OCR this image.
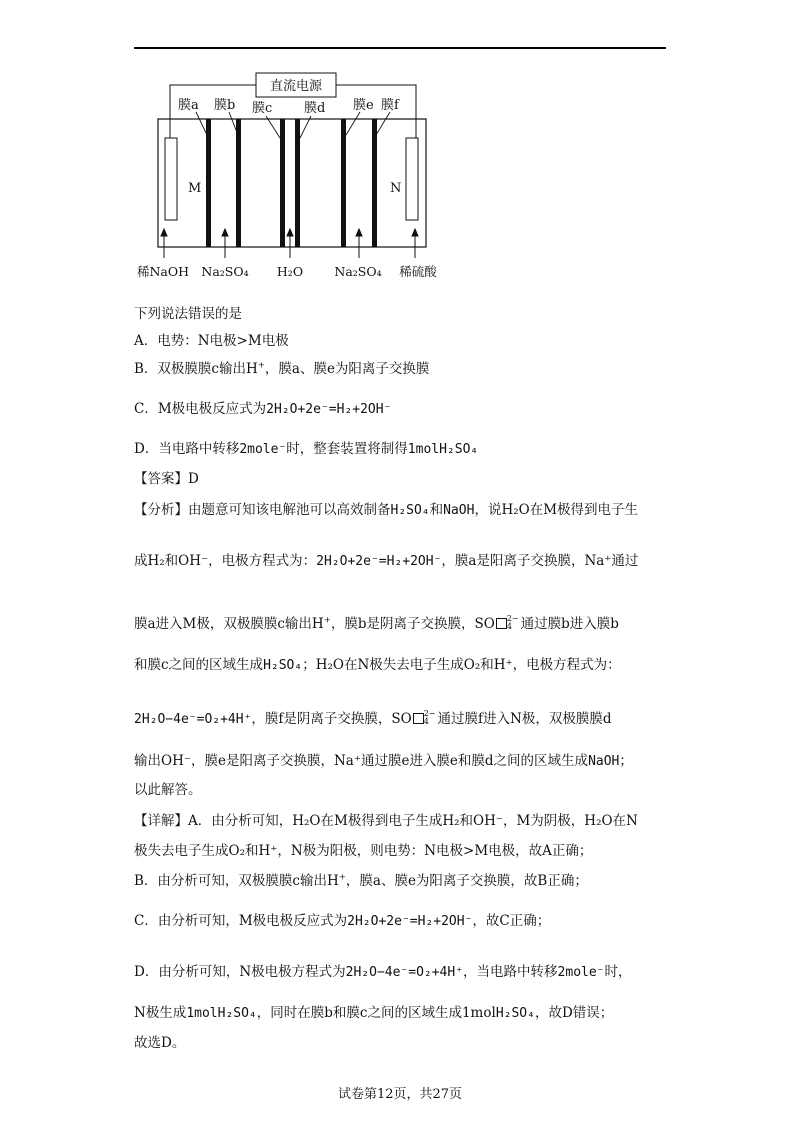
直流电源
M	N
膜a 膜b 膜c 膜d 膜e 膜f
稀NaOH Na₂SO₄ H₂O	Na₂SO₄ 稀硫酸
下列说法错误的是
A．电势：N电极>M电极
B．双极膜膜c输出H+，膜a、膜e为阳离子交换膜
C．M极电极反应式为2H₂O+2e⁻=H₂+2OH⁻
D．当电路中转移2mole⁻时，整套装置将制得1molH₂SO₄
【答案】D
【分析】由题意可知该电解池可以高效制备H₂SO₄和NaOH，说H₂O在M极得到电子生
成H₂和OH⁻，电极方程式为：2H₂O+2e⁻=H₂+2OH⁻，膜a是阳离子交换膜，Na⁺通过
膜a进入M极，双极膜膜c输出H+，膜b是阴离子交换膜，SO 2−
4 通过膜b进入膜b
和膜c之间的区域生成H₂SO₄；H₂O在N极失去电子生成O₂和H⁺，电极方程式为：
2H₂O−4e⁻=O₂+4H⁺，膜f是阴离子交换膜，SO 2−
4 通过膜f进入N极，双极膜膜d
输出OH⁻，膜e是阳离子交换膜，Na⁺通过膜e进入膜e和膜d之间的区域生成NaOH；
以此解答。
【详解】A．由分析可知，H₂O在M极得到电子生成H₂和OH⁻，M为阴极，H₂O在N
极失去电子生成O₂和H⁺，N极为阳极，则电势：N电极>M电极，故A正确；
B．由分析可知，双极膜膜c输出H+，膜a、膜e为阳离子交换膜，故B正确；
C．由分析可知，M极电极反应式为2H₂O+2e⁻=H₂+2OH⁻，故C正确；
D．由分析可知，N极电极方程式为2H₂O−4e⁻=O₂+4H⁺，当电路中转移2mole⁻时，
N极生成1molH₂SO₄，同时在膜b和膜c之间的区域生成1molH₂SO₄，故D错误；
故选D。
试卷第12页，共27页
